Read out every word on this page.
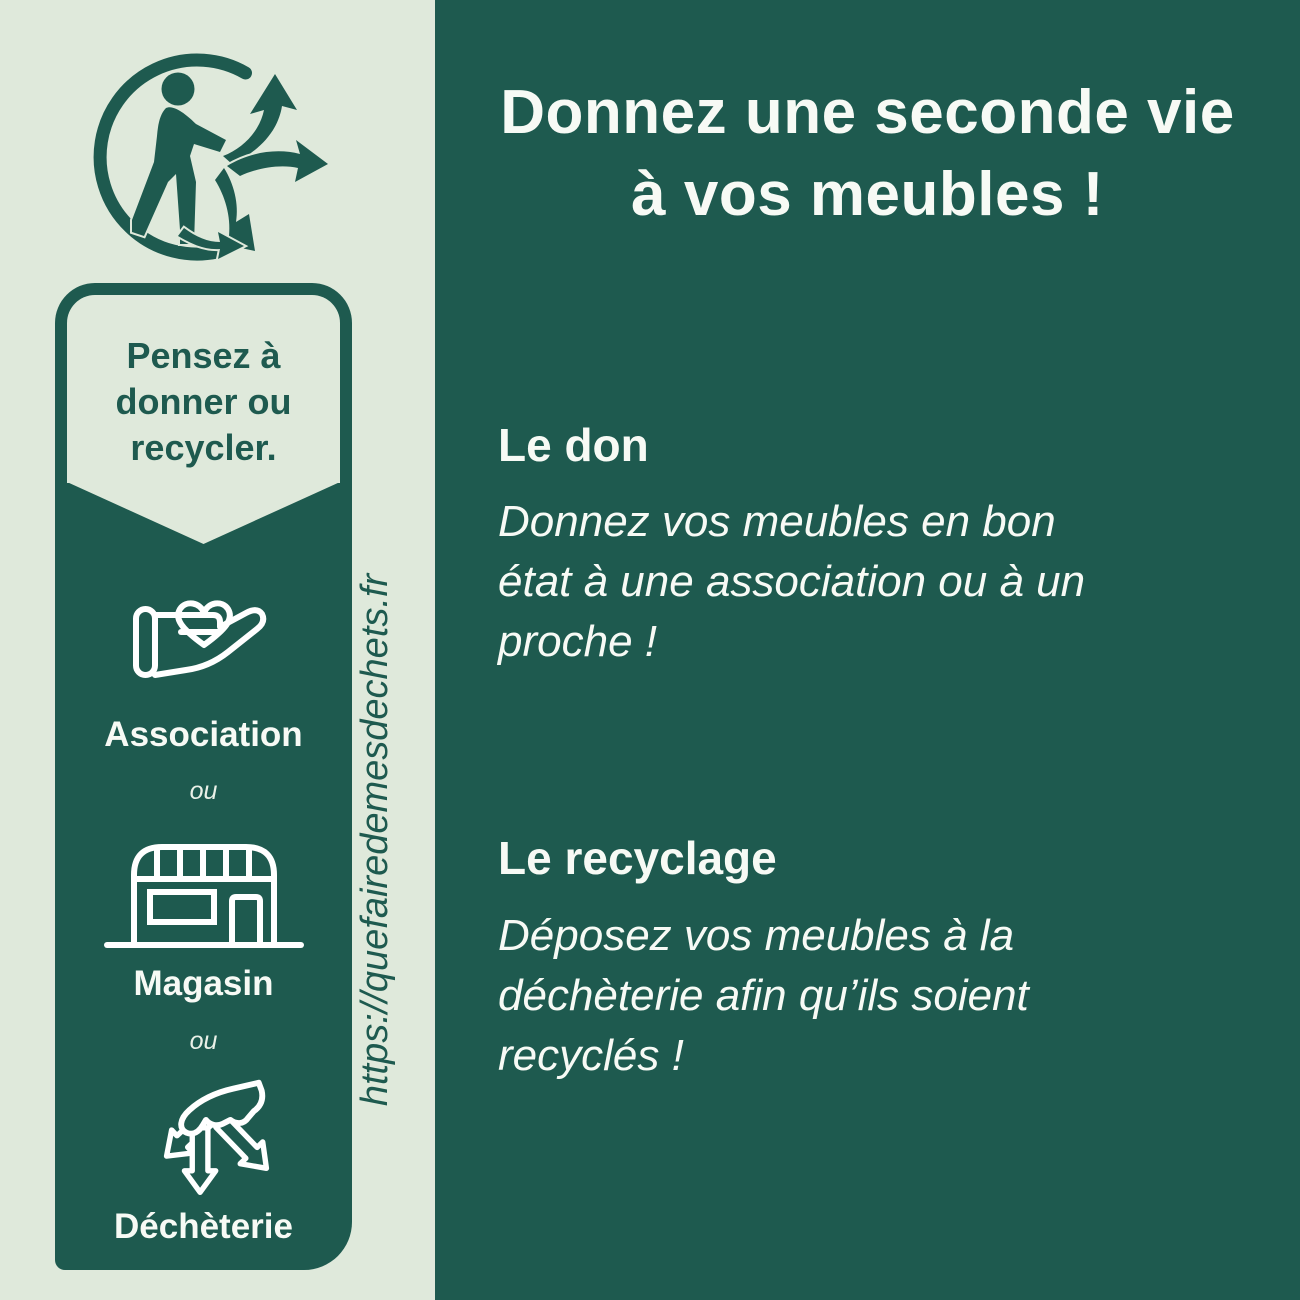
https://quefairedemesdechets.fr
Pensez à
donner ou
recycler.
Association
ou
Magasin
ou
Déchèterie
Donnez une seconde vie
à vos meubles !
Le don
Donnez vos meubles en bon
état à une association ou à un
proche !
Le recyclage
Déposez vos meubles à la
déchèterie afin qu’ils soient
recyclés !
